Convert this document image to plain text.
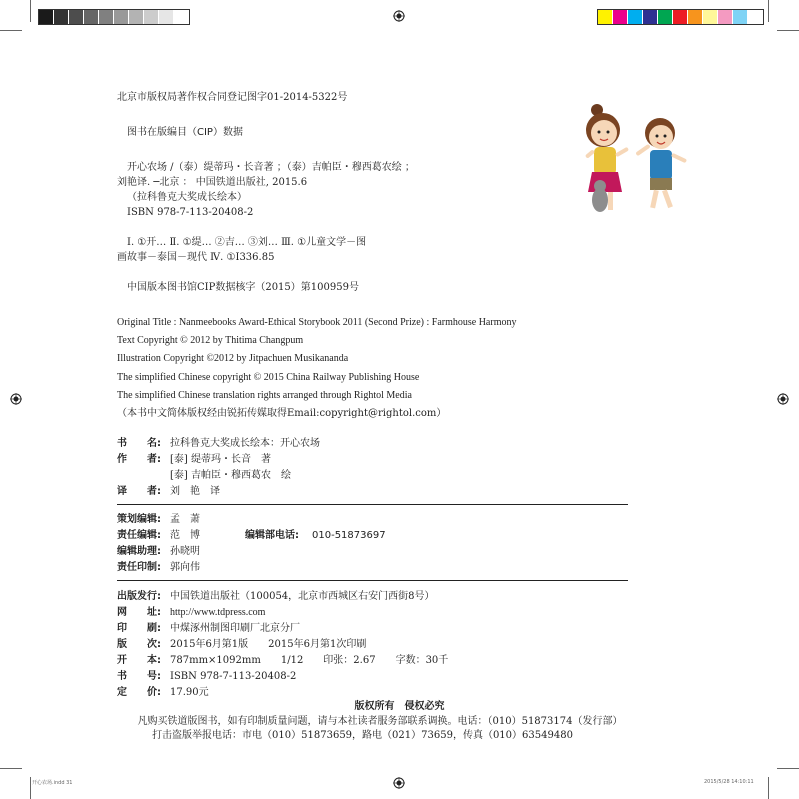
北京市版权局著作权合同登记图字01-2014-5322号
图书在版编目（CIP）数据
开心农场 /（泰）缇蒂玛・长音著 ；（泰）吉帕臣・穆西葛农绘 ；
刘艳译. ─北京 ： 中国铁道出版社, 2015.6
（拉科鲁克大奖成长绘本）
ISBN 978-7-113-20408-2
Ⅰ. ①开… Ⅱ. ①缇… ②吉… ③刘… Ⅲ. ①儿童文学－图
画故事－泰国－现代 Ⅳ. ①I336.85
中国版本图书馆CIP数据核字（2015）第100959号
Original Title : Nanmeebooks Award-Ethical Storybook 2011 (Second Prize) : Farmhouse Harmony
Text Copyright © 2012 by Thitima Changpum
Illustration Copyright ©2012 by Jitpachuen Musikananda
The simplified Chinese copyright © 2015 China Railway Publishing House
The simplified Chinese translation rights arranged through Rightol Media
（本书中文简体版权经由锐拓传媒取得Email:copyright@rightol.com）
书　　名: 拉科鲁克大奖成长绘本：开心农场
作　　者: [泰] 缇蒂玛・长音　著
[泰] 吉帕臣・穆西葛农　绘
译　　者: 刘　艳　译
策划编辑: 孟　萧
责任编辑: 范　博	编辑部电话: 010-51873697
编辑助理: 孙晓明
责任印制: 郭向伟
出版发行: 中国铁道出版社（100054，北京市西城区右安门西街8号）
网　　址: http://www.tdpress.com
印　　刷: 中煤涿州制图印刷厂北京分厂
版　　次: 2015年6月第1版　　2015年6月第1次印刷
开　　本: 787mm×1092mm　　1/12　　印张：2.67　　字数：30千
书　　号: ISBN 978-7-113-20408-2
定　　价: 17.90元
版权所有　侵权必究
凡购买铁道版图书，如有印制质量问题，请与本社读者服务部联系调换。电话：（010）51873174（发行部）
打击盗版举报电话：市电（010）51873659，路电（021）73659，传真（010）63549480
开心农场.indd 31	2015/5/28 14:10:11
